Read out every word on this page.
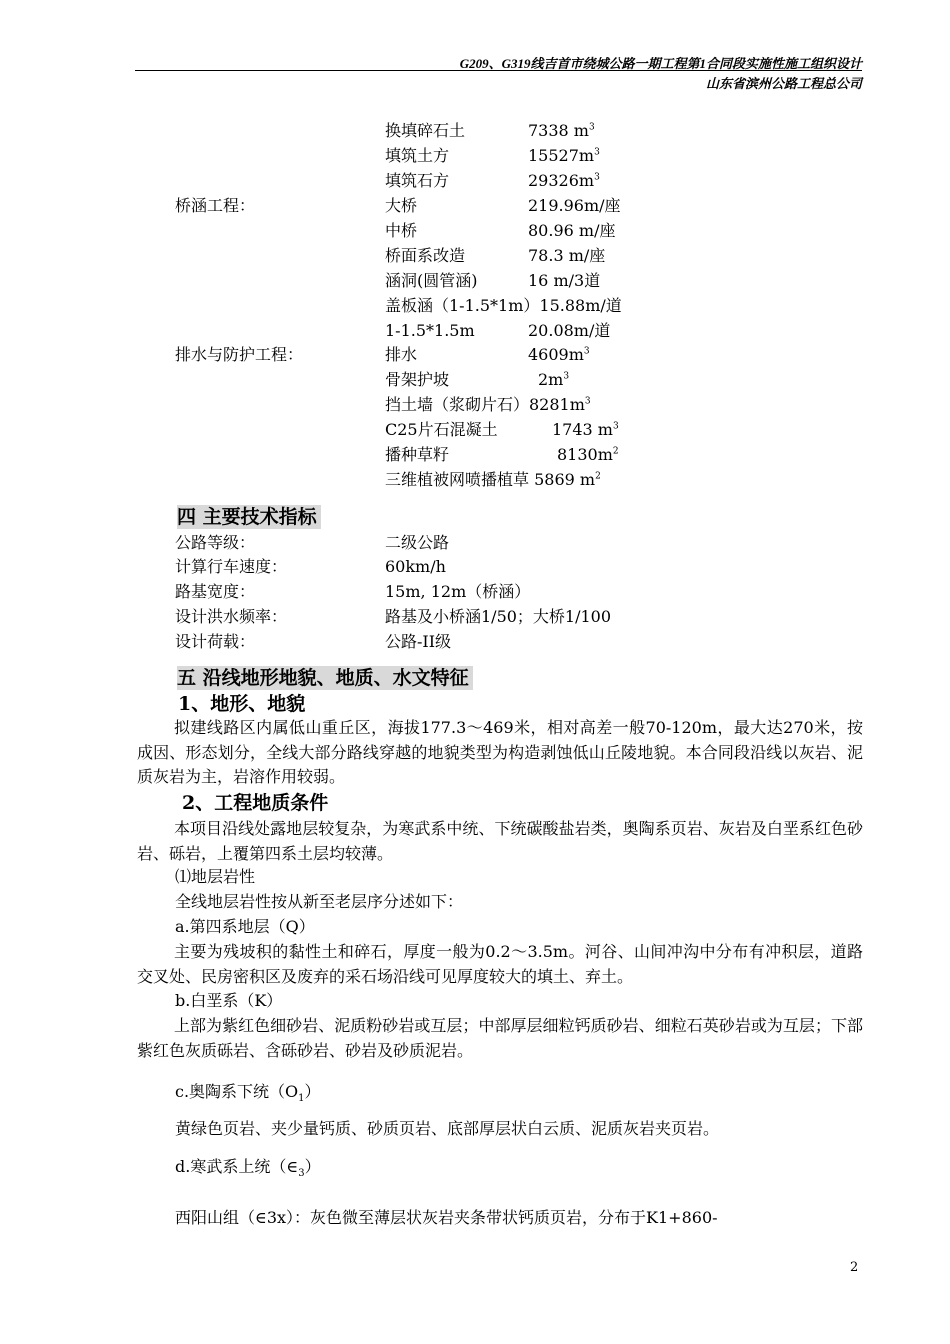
G209、G319线吉首市绕城公路一期工程第1合同段实施性施工组织设计
山东省滨州公路工程总公司
换填碎石土	7338 $m^3$
填筑土方	$15527m^3$
填筑石方	$29326m^3$
桥涵工程：	大桥	219.96m/座
中桥	80.96 m/座
桥面系改造	78.3 m/座
涵洞(圆管涵)	16 m/3道
盖板涵（1-1.5*1m）15.88m/道
1-1.5*1.5m	20.08m/道
排水与防护工程：	排水	$4609m^3$
骨架护坡	$2m^3$
挡土墙（浆砌片石）$8281m^3$
C25片石混凝土	1743 $m^3$
播种草籽	$8130m^2$
三维植被网喷播植草 5869 $m^2$
四 主要技术指标
公路等级：	二级公路
计算行车速度：	60km/h
路基宽度：	15m, 12m（桥涵）
设计洪水频率：	路基及小桥涵1/50；大桥1/100
设计荷载：	公路-II级
五 沿线地形地貌、地质、水文特征
1、地形、地貌
拟建线路区内属低山重丘区，海拔177.3～469米，相对高差一般70-120m，最大达270米，按成因、形态划分，全线大部分路线穿越的地貌类型为构造剥蚀低山丘陵地貌。本合同段沿线以灰岩、泥质灰岩为主，岩溶作用较弱。
2、工程地质条件
本项目沿线处露地层较复杂，为寒武系中统、下统碳酸盐岩类，奥陶系页岩、灰岩及白垩系红色砂岩、砾岩，上覆第四系土层均较薄。
⑴地层岩性
全线地层岩性按从新至老层序分述如下：
a.第四系地层（Q）
主要为残坡积的黏性土和碎石，厚度一般为0.2～3.5m。河谷、山间冲沟中分布有冲积层，道路交叉处、民房密积区及废弃的采石场沿线可见厚度较大的填土、弃土。
b.白垩系（K）
上部为紫红色细砂岩、泥质粉砂岩或互层；中部厚层细粒钙质砂岩、细粒石英砂岩或为互层；下部紫红色灰质砾岩、含砾砂岩、砂岩及砂质泥岩。
c.奥陶系下统$(O_1)$
黄绿色页岩、夹少量钙质、砂质页岩、底部厚层状白云质、泥质灰岩夹页岩。
d.寒武系上统$(\in_3)$
西阳山组（∈3x）：灰色微至薄层状灰岩夹条带状钙质页岩，分布于K1+860-
2
